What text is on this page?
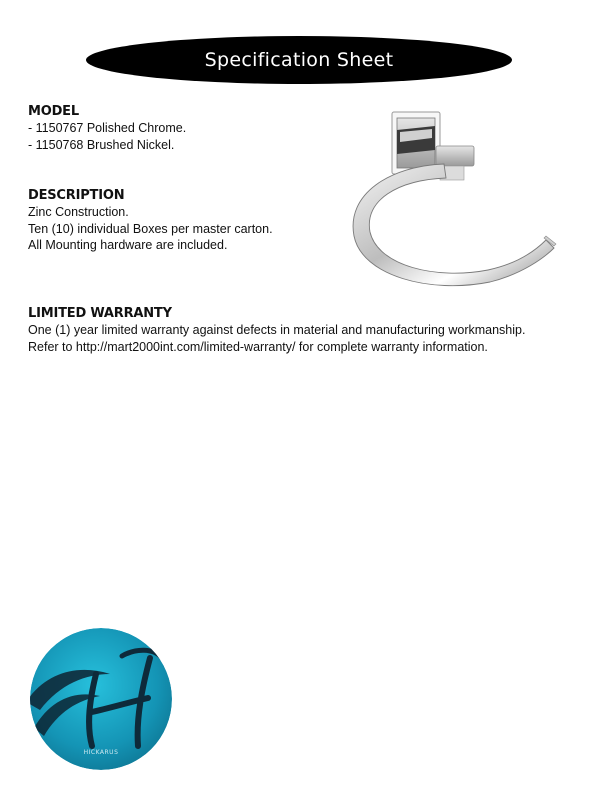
Specification Sheet
MODEL
- 1150767 Polished Chrome.
- 1150768 Brushed Nickel.
DESCRIPTION
Zinc Construction.
Ten (10) individual Boxes per master carton.
All Mounting hardware are included.
LIMITED WARRANTY
One (1) year limited warranty against defects in material and manufacturing workmanship.
Refer to http://mart2000int.com/limited-warranty/ for complete warranty information.
HICKARUS
